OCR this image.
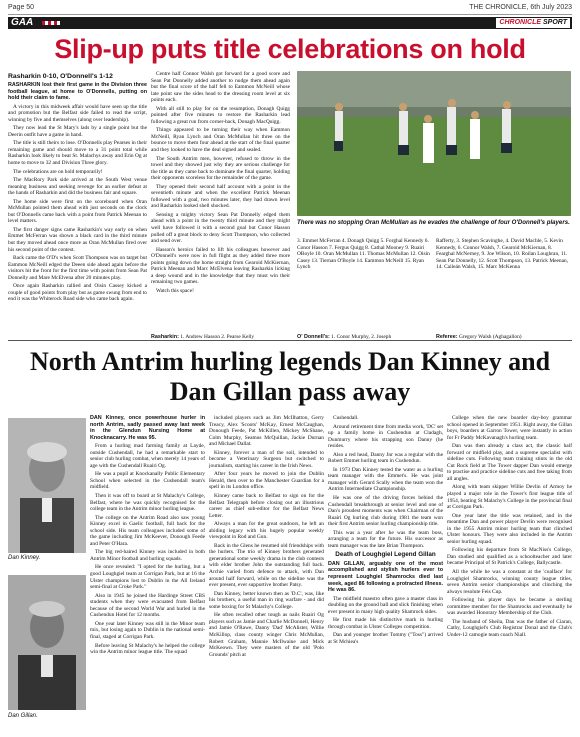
Page 50	THE CHRONICLE, 6th July 2023
GAA	CHRONICLE SPORT
Slip-up puts title celebrations on hold
Rasharkin 0-10, O'Donnell's 1-12

RASHARKIN lost their first game in the Division three football league, at home to O'Donnells, putting on hold their claim to fame.

A victory in this midweek affair would have seen up the title and promotion but the Belfast side failed to read the script, winning by five and themselves (along over leadership).

They now lead the St Mary's lads by a single point but the Deerin outfit have a game in hand.

The title is still theirs to lose. O'Donnells play Pearses in their remaining game and should move to a 31 point total while Rasharkin look likely to beat St. Malachys away and Erin Og at home to move to 32 and Division Three glory.

The celebrations are on hold temporarily!

The MacRory Park side arrived at the South West venue meaning business and seeking revenge for an earlier defeat at the hands of Rasharkin and did the business fair and square.

The home side were first on the scoreboard when Oran McMullan pointed them ahead with just seconds on the clock but O'Donnells came back with a point from Patrick Meenan to level matters.

The first danger signs came Rasharkin's way early on when Emmet McFerran was shown a black card in the third minute but they moved ahead once more as Oran McMullan fired over his second point of the contest.

Back came the O'D's when Scott Thompson was on target but Eammon McNeill edged the Deeen side ahead again before the visitors hit the front for the first time with points from Sean Pat Donnelly and Mare McElvena after 20 minutes play.

Once again Rasharkin rallied and Oisin Cassey kicked a couple of good points from play but as game swung from end to end it was the Whiterock Road side who came back again.

Centre half Connor Walsh got forward for a good score and Sean Pat Donnelly added another to nudge them ahead again but the final score of the half fell to Eammon McNeill whose late point saw the sides head to the dressing room level at six points each.

With all still to play for on the resumption, Donagh Quigg pointed after five minutes to restore the Rasharkin lead following a great run from corner-back, Donagh MacQuigg.

Things appeared to be turning their way when Eammon McNeill, Ryan Lynch and Oran McMullan hit three on the bounce to move them four ahead at the start of the final quarter and they looked to have the deal signed and sealed.

The South Antrim men, however, refused to throw in the towel and they showed just why they are serious challenge for the title as they came back to dominate the final quarter, holding their opponents scoreless for the remainder of the game.

They opened their second half account with a point in the seventieth minute and when the excellent Patrick Meenan followed with a goal, two minutes later, they had drawn level and Rasharkin looked shell shocked.

Sensing a mighty victory Sean Pat Donnelly edged them ahead with a point in the twenty third minute and they might well have followed it with a second goal but Conor Hasson pulled off a great block to deny Scott Thompson, who collected and send over.

Hasson's heroics failed to lift his colleagues however and O'Donnell's were now in full flight as they added three more points going down the home straight from Gearoid McKiernan, Patrick Meenan and Marc McElvena leaving Rasharkin licking a deep wound and in the knowledge that they must win their remaining two games.

Watch this space!

Rasharkin: 1. Andrew Hasson 2. Pearse Kelly
There was no stopping Oran McMullan as he evades the challenge of four O'Donnell's players.
3. Emmet McFerran 4. Donagh Quigg 5. Forghal Kennedy 6. Conor Hasson 7. Fergus Quigg 8. Cathal Mooney 9. Ruairi OBoyle 10. Oran McMullan 11. Thomas McMullan 12. Oisin Casey 13. Tiernan O'Boyle 14. Eammon McNeill 15. Ryan Lynch
Rafferty, 3. Stephen Scavinghe, 4. David Machle, 5. Kevin Kennedy, 6. Connor Walsh, 7. Gearoid McKiernan, 8. Fearghal McNerney, 9. Joe Wilson, 10. Roilan Loughran, 11. Sean Pat Donnelly, 12. Scott Thompson, 13. Patrick Meenan, 14. Caileán Walsh, 15. Marc McKenna
O' Donnell's: 1. Conor Murphy, 2. Joseph	Referee: Gregory Walsh (Aghagallon)
North Antrim hurling legends Dan Kinney and Dan Gillan pass away
Dan Kinney.
Dan Gillan.

DAN Kinney, once powerhouse hurler in north Antrim, sadly passed away last week in the Glendun Nursing Home at Knocknacarry. He was 95.

From a hurling mad farming family at Layde, outside Cushendall, he had a remarkable start to senior club hurling combat, when merely 14 years of age with the Cushendall Ruairi Og.

He was a pupil at Knockanally Public Elementary School when selected in the Cushendall team's midfield.

Then it was off to board at St Malachy's College, Belfast, where he was quickly recognised for the college team in the Antrim minor hurling league.

The college on the Antrim Road also saw young Kinney excel in Gaelic football, full back for the school side. His team colleagues included some of the game including Jim McKeever, Donough Feede and Peter O'Hara.

The big red-haired Kinney was included in both Antrim Minor football and hurling squads.

He once revealed: "I opted for the hurling, but a good Loughgiel team at Corrigan Park, but at 16 the Ulster champions lost to Dublin in the All Ireland semi-final at Croke Park."

Also in 1945 he joined the Hardinge Street CBS students when they were evacuated from Belfast because of the second World War and hurled in the Cushendun Hotel for 12 months.

One year later Kinney was still in the Minor team mix, but losing again to Dublin in the national semi-final, staged at Corrigan Park.

Before leaving St Malachy's he helped the college win the Antrim minor league title. The squad

included players such as Jim McIlhatton, Gerry Treacy, Alex 'Scoots' McKay, Ernest McCaughan, Donough Feede, Pat McKillen, Mickey McShane, Colm Murphy, Seamus McQuillan, Jackie Durnan and Michael Dallat.

Kinney, forever a man of the soil, intended to become a Veterinary Surgeon but switched to journalism, starting his career in the Irish News.

After four years he moved to join the Dublin Herald, then over to the Manchester Guardian for a spell in its London office.

Kinney came back to Belfast to sign on for the Belfast Telegraph before closing out an illustrious career as chief sub-editor for the Belfast News Letter.

Always a man for the great outdoors, he left an abiding legacy with his hugely popular weekly viewpoint in Rod and Gun.

Back in the Glens he resumed old friendships with the hurlers. The trio of Kinney brothers generated generational some weekly drama in the club contests with elder brother John the outstanding full back. Archie varied from defence to attack, with Dan around half forward, while on the sideline was the ever present, ever supportive brother Patsy.

Dan Kinney, better known then as 'D.C', was, like his brothers, a useful man in ring warfare - and did some boxing for St Malachy's College.

He often recalled other tough as nails Ruairi Og players such as Jamie and Charlie McDonnell, Henry and Jamie O'Rawe, Danny 'Dad' McAlister, Willie McKillop, class county winger Chris McMullan, Robert Graham, Mannie McIlwaine and Mick McKeown. They were masters of the old 'Polo Grounds' pitch at

Cushendall.

Around retirement time from media work, 'DC' set up a family home in Cushendun at Cladagh, Dunmurry where his strapping son Danny (he resides.

Also a red head, Danny Jnr was a regular with the Robert Emmet hurling team in Cushendun.

In 1973 Dan Kinney tested the water as a hurling team manager with the Emmet's. He was joint manager with Gerard Scally when the team won the Antrim Intermediate Championship.

He was one of the driving forces behind the Cushendall breakthrough at senior level and one of Dan's proudest moments was when Chairman of the Ruairi Og hurling club during 1981 the team won their first Antrim senior hurling championship title.

This was a year after he was the team boss, arranging a team for the future. His successor as team manager was the late Brian Thompson.

Death of Loughgiel Legend Gillan

DAN GILLAN, arguably one of the most accomplished and stylish hurlers ever to represent Loughgiel Shamrocks died last week, aged 86 following a protracted illness. He was 86.

The midfield maestro often gave a master class in doubling on the ground ball and slick finishing when ever present in many high quality Shamrock sides.

He first made his distinctive mark in hurling through combat in Ulster Colleges competition.

Dan and younger brother Tommy ("Toss") arrived at St Mchiea's

College when the new boarder day-boy grammar school opened in September 1951. Right away, the Gillan boys, boarders at Garron Tower, were instantly in action for Fr Paddy McKavanagh's hurling team.

Dan was then already a class act, the classic half forward or midfield play, and a supreme specialist with sideline cuts. Following team training stints in the old Cut Rock field at The Tower dapper Dan would emerge to practise and practice sideline cuts and free taking from all angles.

Along with team skipper Willie Devlin of Armoy he played a major role in the Tower's first league title of 1954, beating St Malachy's College in the provincial final at Corrigan Park.

One year later the title was retained, and in the meantime Dan and power player Devlin were recognised in the 1955 Antrim minor hurling team that clinched Ulster honours. They were also included in the Antrim senior hurling squad.

Following his departure from St MacNiss's College, Dan studied and qualified as a schoolteacher and later became Principal of St Patrick's College, Ballycastle.

All the while he was a constant at the 'coalface' for Loughgiel Shamrocks, winning county league titles, seven Antrim senior championships and clinching the always resolute Feis Cup.

Following his player days he became a sterling committee member for the Shamrocks and eventually he was awarded Honorary Membership of the Club.

The husband of Sheila, Dan was the father of Ciaran, Cathy, Loughgiel's Club Registrar Donal and the Club's Under-12 camogie team coach Niall.
